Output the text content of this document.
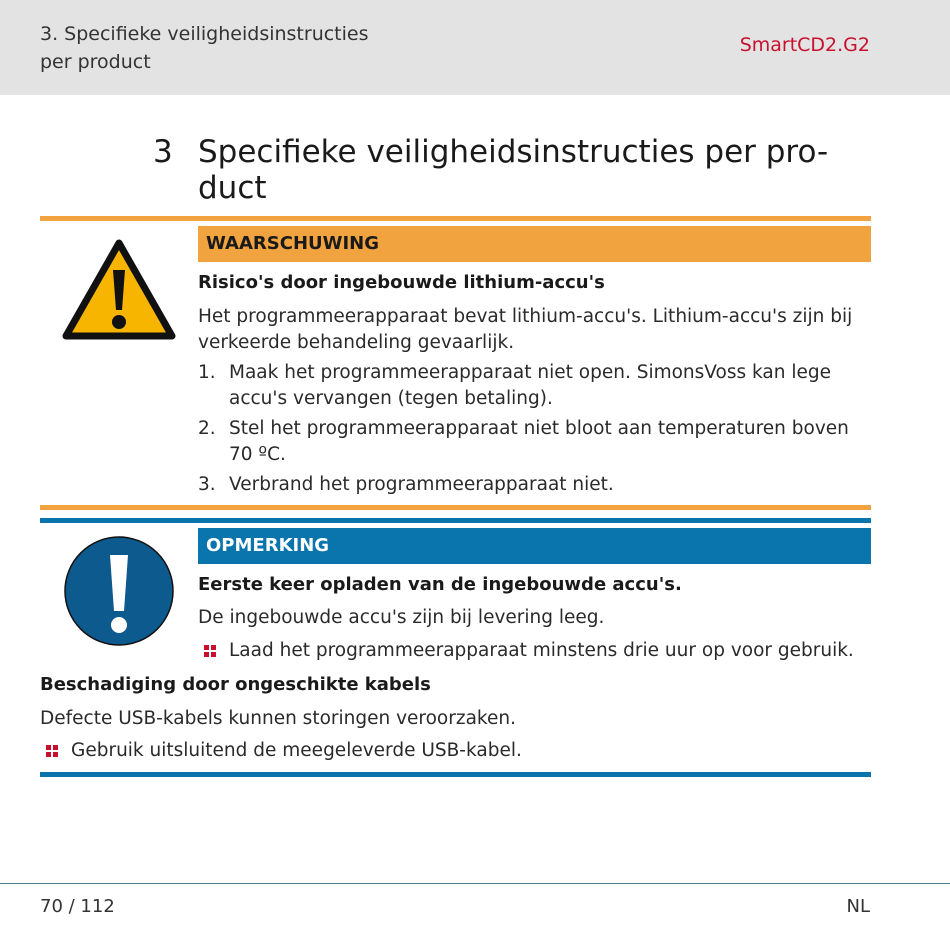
3. Specifieke veiligheidsinstructies
per product
SmartCD2.G2
3 Specifieke veiligheidsinstructies per pro-
duct
WAARSCHUWING
Risico's door ingebouwde lithium-accu's
Het programmeerapparaat bevat lithium-accu's. Lithium-accu's zijn bij verkeerde behandeling gevaarlijk.
1. Maak het programmeerapparaat niet open. SimonsVoss kan lege accu's vervangen (tegen betaling).
2. Stel het programmeerapparaat niet bloot aan temperaturen boven 70 ºC.
3. Verbrand het programmeerapparaat niet.
OPMERKING
Eerste keer opladen van de ingebouwde accu's.
De ingebouwde accu's zijn bij levering leeg.
Laad het programmeerapparaat minstens drie uur op voor gebruik.
Beschadiging door ongeschikte kabels
Defecte USB-kabels kunnen storingen veroorzaken.
Gebruik uitsluitend de meegeleverde USB-kabel.
70 / 112	NL
